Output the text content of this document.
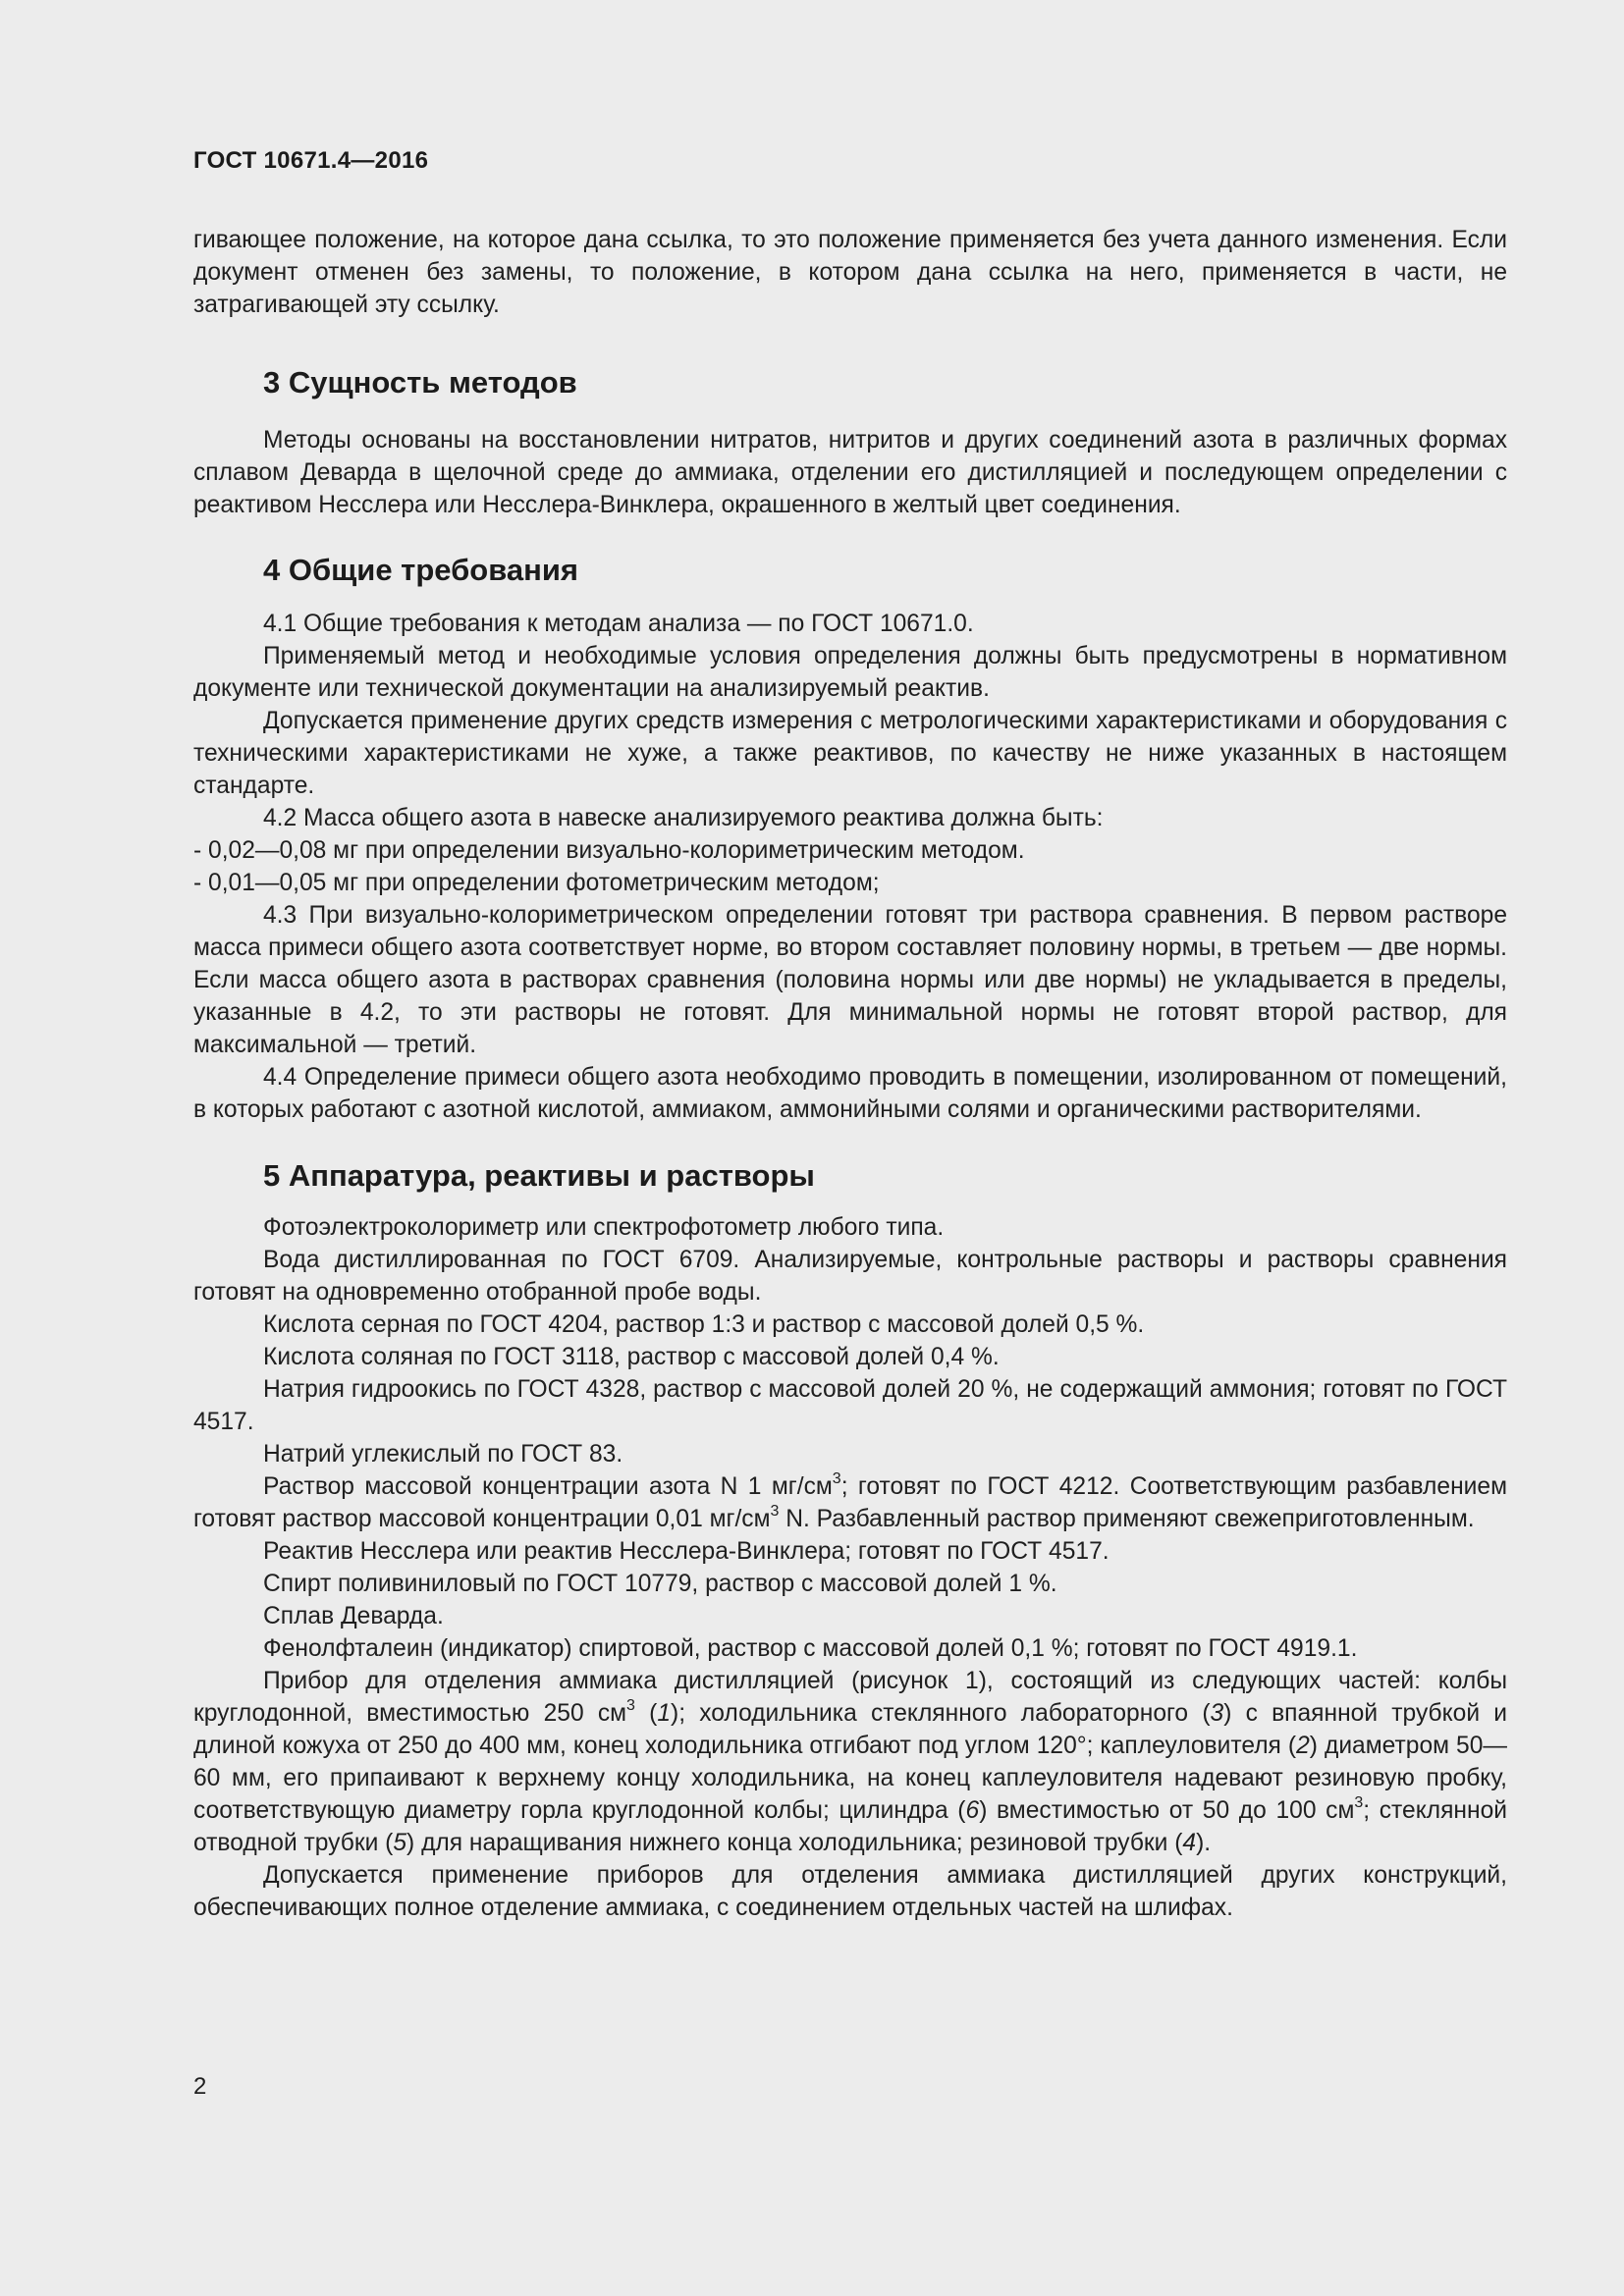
ГОСТ 10671.4—2016

гивающее положение, на которое дана ссылка, то это положение применяется без учета данного изменения. Если документ отменен без замены, то положение, в котором дана ссылка на него, применяется в части, не затрагивающей эту ссылку.

3 Сущность методов

Методы основаны на восстановлении нитратов, нитритов и других соединений азота в различных формах сплавом Деварда в щелочной среде до аммиака, отделении его дистилляцией и последующем определении с реактивом Несслера или Несслера-Винклера, окрашенного в желтый цвет соединения.

4 Общие требования

4.1 Общие требования к методам анализа — по ГОСТ 10671.0.

Применяемый метод и необходимые условия определения должны быть предусмотрены в нормативном документе или технической документации на анализируемый реактив.

Допускается применение других средств измерения с метрологическими характеристиками и оборудования с техническими характеристиками не хуже, а также реактивов, по качеству не ниже указанных в настоящем стандарте.

4.2 Масса общего азота в навеске анализируемого реактива должна быть:

- 0,02—0,08 мг при определении визуально-колориметрическим методом.

- 0,01—0,05 мг при определении фотометрическим методом;

4.3 При визуально-колориметрическом определении готовят три раствора сравнения. В первом растворе масса примеси общего азота соответствует норме, во втором составляет половину нормы, в третьем — две нормы. Если масса общего азота в растворах сравнения (половина нормы или две нормы) не укладывается в пределы, указанные в 4.2, то эти растворы не готовят. Для минимальной нормы не готовят второй раствор, для максимальной — третий.

4.4 Определение примеси общего азота необходимо проводить в помещении, изолированном от помещений, в которых работают с азотной кислотой, аммиаком, аммонийными солями и органическими растворителями.

5 Аппаратура, реактивы и растворы

Фотоэлектроколориметр или спектрофотометр любого типа.

Вода дистиллированная по ГОСТ 6709. Анализируемые, контрольные растворы и растворы сравнения готовят на одновременно отобранной пробе воды.

Кислота серная по ГОСТ 4204, раствор 1:3 и раствор с массовой долей 0,5 %.

Кислота соляная по ГОСТ 3118, раствор с массовой долей 0,4 %.

Натрия гидроокись по ГОСТ 4328, раствор с массовой долей 20 %, не содержащий аммония; готовят по ГОСТ 4517.

Натрий углекислый по ГОСТ 83.

Раствор массовой концентрации азота N 1 $мг/см^3$; готовят по ГОСТ 4212. Соответствующим разбавлением готовят раствор массовой концентрации 0,01 $мг/см^3$ N. Разбавленный раствор применяют свежеприготовленным.

Реактив Несслера или реактив Несслера-Винклера; готовят по ГОСТ 4517.

Спирт поливиниловый по ГОСТ 10779, раствор с массовой долей 1 %.

Сплав Деварда.

Фенолфталеин (индикатор) спиртовой, раствор с массовой долей 0,1 %; готовят по ГОСТ 4919.1.

Прибор для отделения аммиака дистилляцией (рисунок 1), состоящий из следующих частей: колбы круглодонной, вместимостью 250 $см^3$ (1); холодильника стеклянного лабораторного (3) с впаянной трубкой и длиной кожуха от 250 до 400 мм, конец холодильника отгибают под углом 120°; каплеуловителя (2) диаметром 50—60 мм, его припаивают к верхнему концу холодильника, на конец каплеуловителя надевают резиновую пробку, соответствующую диаметру горла круглодонной колбы; цилиндра (6) вместимостью от 50 до 100 $см^3$; стеклянной отводной трубки (5) для наращивания нижнего конца холодильника; резиновой трубки (4).

Допускается применение приборов для отделения аммиака дистилляцией других конструкций, обеспечивающих полное отделение аммиака, с соединением отдельных частей на шлифах.

2
